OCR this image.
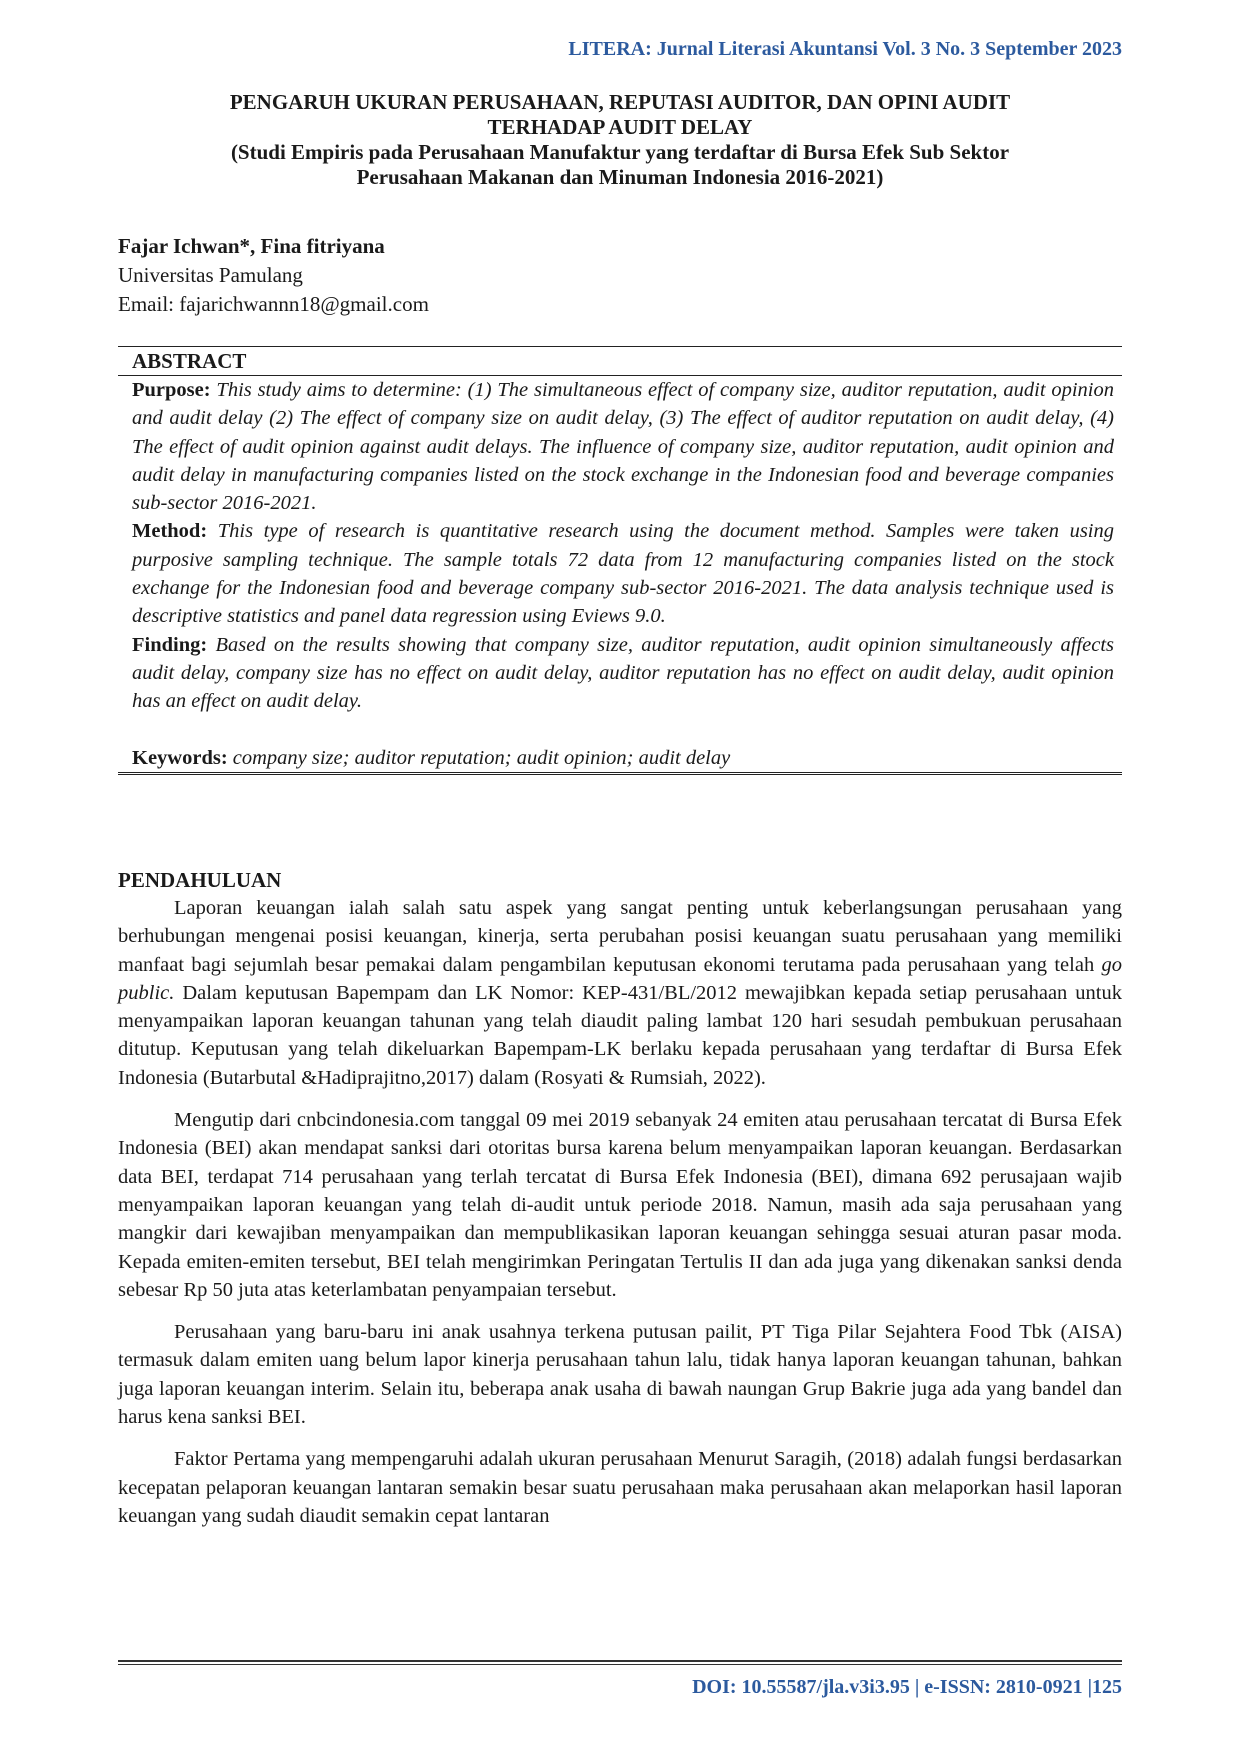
LITERA: Jurnal Literasi Akuntansi Vol. 3 No. 3 September 2023
PENGARUH UKURAN PERUSAHAAN, REPUTASI AUDITOR, DAN OPINI AUDIT
TERHADAP AUDIT DELAY
(Studi Empiris pada Perusahaan Manufaktur yang terdaftar di Bursa Efek Sub Sektor
Perusahaan Makanan dan Minuman Indonesia 2016-2021)
Fajar Ichwan*, Fina fitriyana
Universitas Pamulang
Email: fajarichwannn18@gmail.com
ABSTRACT

Purpose: This study aims to determine: (1) The simultaneous effect of company size, auditor reputation, audit opinion and audit delay (2) The effect of company size on audit delay, (3) The effect of auditor reputation on audit delay, (4) The effect of audit opinion against audit delays. The influence of company size, auditor reputation, audit opinion and audit delay in manufacturing companies listed on the stock exchange in the Indonesian food and beverage companies sub-sector 2016-2021.

Method: This type of research is quantitative research using the document method. Samples were taken using purposive sampling technique. The sample totals 72 data from 12 manufacturing companies listed on the stock exchange for the Indonesian food and beverage company sub-sector 2016-2021. The data analysis technique used is descriptive statistics and panel data regression using Eviews 9.0.

Finding: Based on the results showing that company size, auditor reputation, audit opinion simultaneously affects audit delay, company size has no effect on audit delay, auditor reputation has no effect on audit delay, audit opinion has an effect on audit delay.

Keywords: company size; auditor reputation; audit opinion; audit delay
PENDAHULUAN

Laporan keuangan ialah salah satu aspek yang sangat penting untuk keberlangsungan perusahaan yang berhubungan mengenai posisi keuangan, kinerja, serta perubahan posisi keuangan suatu perusahaan yang memiliki manfaat bagi sejumlah besar pemakai dalam pengambilan keputusan ekonomi terutama pada perusahaan yang telah go public. Dalam keputusan Bapempam dan LK Nomor: KEP-431/BL/2012 mewajibkan kepada setiap perusahaan untuk menyampaikan laporan keuangan tahunan yang telah diaudit paling lambat 120 hari sesudah pembukuan perusahaan ditutup. Keputusan yang telah dikeluarkan Bapempam-LK berlaku kepada perusahaan yang terdaftar di Bursa Efek Indonesia (Butarbutal &Hadiprajitno,2017) dalam (Rosyati & Rumsiah, 2022).

Mengutip dari cnbcindonesia.com tanggal 09 mei 2019 sebanyak 24 emiten atau perusahaan tercatat di Bursa Efek Indonesia (BEI) akan mendapat sanksi dari otoritas bursa karena belum menyampaikan laporan keuangan. Berdasarkan data BEI, terdapat 714 perusahaan yang terlah tercatat di Bursa Efek Indonesia (BEI), dimana 692 perusajaan wajib menyampaikan laporan keuangan yang telah di-audit untuk periode 2018. Namun, masih ada saja perusahaan yang mangkir dari kewajiban menyampaikan dan mempublikasikan laporan keuangan sehingga sesuai aturan pasar moda. Kepada emiten-emiten tersebut, BEI telah mengirimkan Peringatan Tertulis II dan ada juga yang dikenakan sanksi denda sebesar Rp 50 juta atas keterlambatan penyampaian tersebut.

Perusahaan yang baru-baru ini anak usahnya terkena putusan pailit, PT Tiga Pilar Sejahtera Food Tbk (AISA) termasuk dalam emiten uang belum lapor kinerja perusahaan tahun lalu, tidak hanya laporan keuangan tahunan, bahkan juga laporan keuangan interim. Selain itu, beberapa anak usaha di bawah naungan Grup Bakrie juga ada yang bandel dan harus kena sanksi BEI.

Faktor Pertama yang mempengaruhi adalah ukuran perusahaan Menurut Saragih, (2018) adalah fungsi berdasarkan kecepatan pelaporan keuangan lantaran semakin besar suatu perusahaan maka perusahaan akan melaporkan hasil laporan keuangan yang sudah diaudit semakin cepat lantaran

DOI: 10.55587/jla.v3i3.95 | e-ISSN: 2810-0921 |125
